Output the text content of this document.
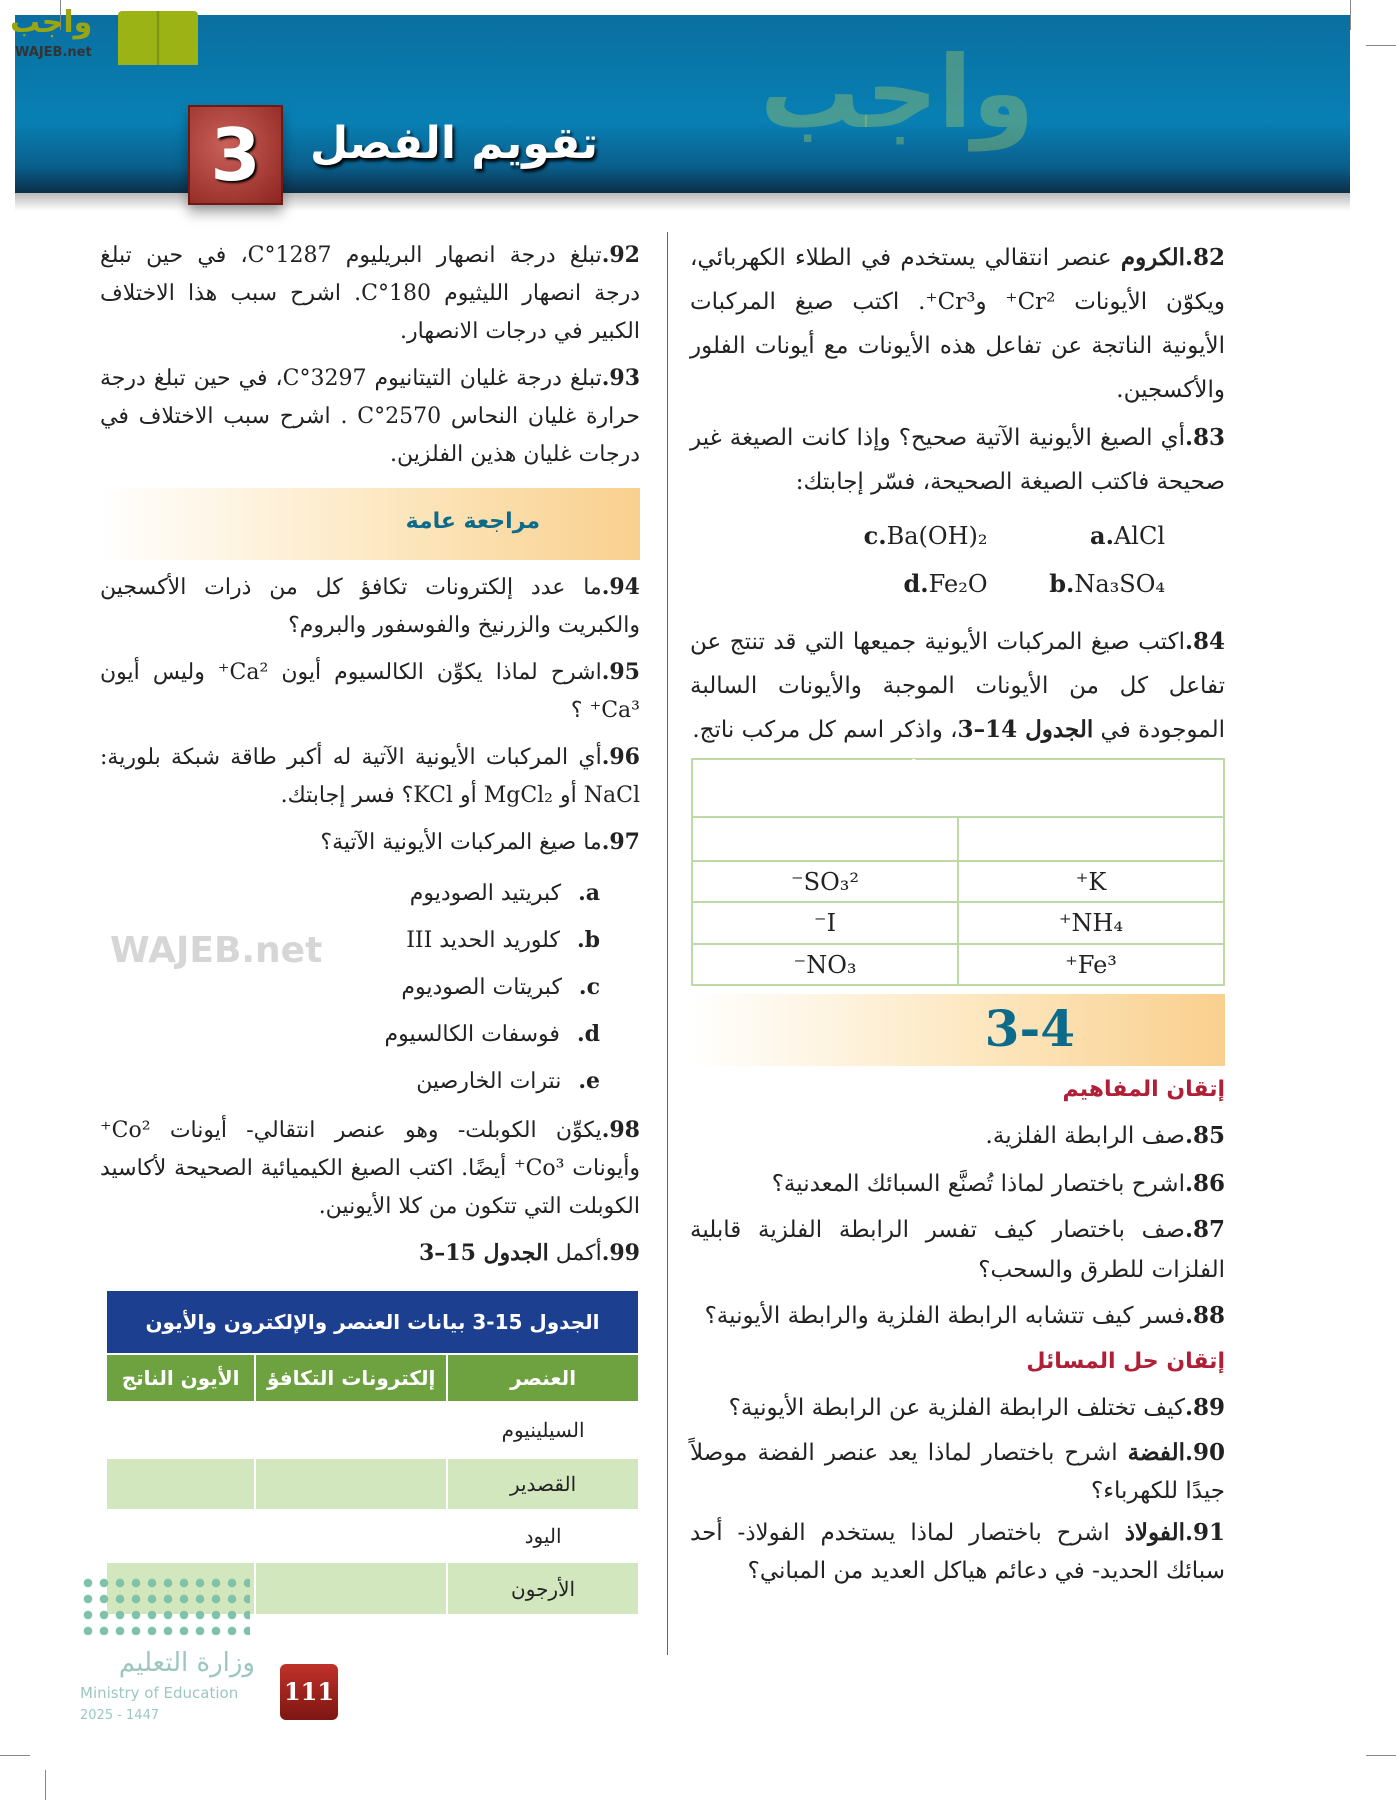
واجب
WAJEB.net
3	تقويم الفصل واجب
82.الكروم عنصر انتقالي يستخدم في الطلاء الكهربائي، ويكوّن الأيونات Cr²⁺ وCr³⁺. اكتب صيغ المركبات الأيونية الناتجة عن تفاعل هذه الأيونات مع أيونات الفلور والأكسجين.
83.أي الصيغ الأيونية الآتية صحيح؟ وإذا كانت الصيغة غير صحيحة فاكتب الصيغة الصحيحة، فسّر إجابتك:
a.AlCl
c.Ba(OH)₂
b.Na₃SO₄
d.Fe₂O
84.اكتب صيغ المركبات الأيونية جميعها التي قد تنتج عن تفاعل كل من الأيونات الموجبة والأيونات السالبة الموجودة في الجدول 14–3، واذكر اسم كل مركب ناتج.
الجدول 14-3 قائمة الأيونات الموجبة والسالبة	
الأيون الموجب	الأيون السالب
K⁺	SO₃²⁻
NH₄⁺	I⁻
Fe³⁺	NO₃⁻
3-4
إتقان المفاهيم
85.صف الرابطة الفلزية.
86.اشرح باختصار لماذا تُصنَّع السبائك المعدنية؟
87.صف باختصار كيف تفسر الرابطة الفلزية قابلية الفلزات للطرق والسحب؟
88.فسر كيف تتشابه الرابطة الفلزية والرابطة الأيونية؟
إتقان حل المسائل
89.كيف تختلف الرابطة الفلزية عن الرابطة الأيونية؟
90.الفضة اشرح باختصار لماذا يعد عنصر الفضة موصلاً جيدًا للكهرباء؟
91.الفولاذ اشرح باختصار لماذا يستخدم الفولاذ- أحد سبائك الحديد- في دعائم هياكل العديد من المباني؟
92.تبلغ درجة انصهار البريليوم 1287°C، في حين تبلغ درجة انصهار الليثيوم 180°C. اشرح سبب هذا الاختلاف الكبير في درجات الانصهار.
93.تبلغ درجة غليان التيتانيوم 3297°C، في حين تبلغ درجة حرارة غليان النحاس 2570°C . اشرح سبب الاختلاف في درجات غليان هذين الفلزين.
مراجعة عامة
94.ما عدد إلكترونات تكافؤ كل من ذرات الأكسجين والكبريت والزرنيخ والفوسفور والبروم؟
95.اشرح لماذا يكوِّن الكالسيوم أيون Ca²⁺ وليس أيون Ca³⁺ ؟
96.أي المركبات الأيونية الآتية له أكبر طاقة شبكة بلورية: NaCl أو MgCl₂ أو KCl؟ فسر إجابتك.
97.ما صيغ المركبات الأيونية الآتية؟
a. كبريتيد الصوديوم
b. كلوريد الحديد III
c. كبريتات الصوديوم
d. فوسفات الكالسيوم
e. نترات الخارصين
WAJEB.net
98.يكوِّن الكوبلت- وهو عنصر انتقالي- أيونات Co²⁺ وأيونات Co³⁺ أيضًا. اكتب الصيغ الكيميائية الصحيحة لأكاسيد الكوبلت التي تتكون من كلا الأيونين.
99.أكمل الجدول 15–3
الجدول 15-3 بيانات العنصر والإلكترون والأيون		
العنصر	إلكترونات التكافؤ	الأيون الناتج
السيلينيوم		
القصدير		
اليود		
الأرجون		
وزارة التعليم
Ministry of Education
2025 - 1447
111
